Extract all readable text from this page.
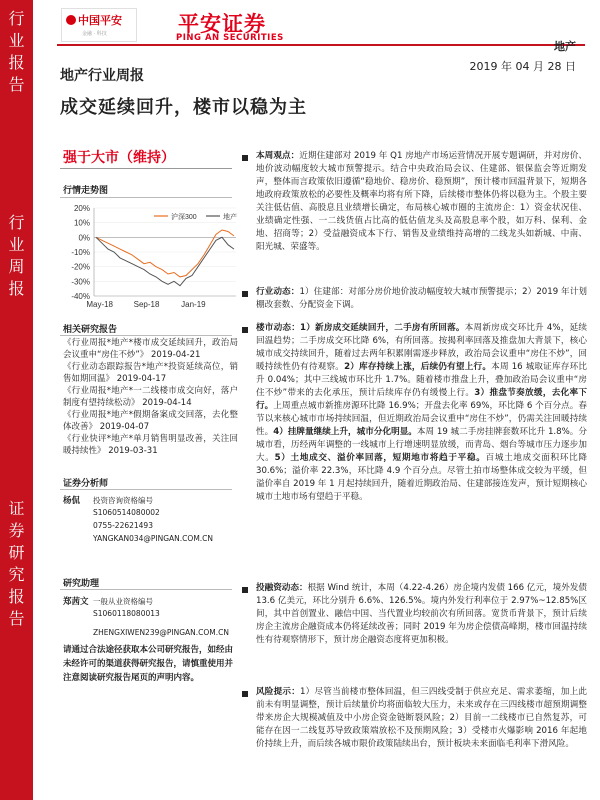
行
业
报
告
行
业
周
报
证
券
研
究
报
告
中国平安
金融 · 科技	平安证券
PING AN SECURITIES
地产
2019 年 04 月 28 日
地产行业周报
成交延续回升，楼市以稳为主
强于大市（维持）
行情走势图
20%
10%
0%
-10%
-20%
-30%
-40%
May-18	Sep-18	Jan-19
沪深300	地产
相关研究报告
《行业周报*地产*楼市成交延续回升，政治局会议重申“房住不炒”》 2019-04-21
《行业动态跟踪报告*地产*投资延续高位，销售如期回温》 2019-04-17
《行业周报*地产*一二线楼市成交向好，落户制度有望持续松动》 2019-04-14
《行业周报*地产*假期备案成交回落，去化整体改善》 2019-04-07
《行业快评*地产*单月销售明显改善，关注回暖持续性》 2019-03-31
证券分析师
杨侃 投资咨询资格编号
S1060514080002
0755-22621493
YANGKAN034@PINGAN.COM.CN
研究助理
郑茜文 一般从业资格编号
S1060118080013
ZHENGXIWEN239@PINGAN.COM.CN
请通过合法途径获取本公司研究报告，如经由未经许可的渠道获得研究报告，请慎重使用并注意阅读研究报告尾页的声明内容。
本周观点：近期住建部对 2019 年 Q1 房地产市场运营情况开展专题调研，并对房价、地价波动幅度较大城市预警提示。结合中央政治局会议、住建部、银保监会等近期发声，整体而言政策依旧遵循“稳地价、稳房价、稳预期”，预计楼市回温背景下，短期各地政府政策放松的必要性及概率均将有所下降，后续楼市整体仍将以稳为主。个股主要关注低估值、高股息且业绩增长确定，布局核心城市圈的主流房企：1）资金状况佳、业绩确定性强、一二线货值占比高的低估值龙头及高股息率个股，如万科、保利、金地、招商等；2）受益融资成本下行、销售及业绩维持高增的二线龙头如新城、中南、阳光城、荣盛等。
行业动态：1）住建部：对部分房价地价波动幅度较大城市预警提示；2）2019 年计划棚改套数、分配资金下调。
楼市动态：1）新房成交延续回升，二手房有所回落。本周新房成交环比升 4%，延续回温趋势；二手房成交环比降 6%，有所回落。按揭利率回落及推盘加大背景下，核心城市成交持续回升，随着过去两年积累刚需逐步释放，政治局会议重申“房住不炒”，回暖持续性仍有待观察。2）库存持续上涨，后续仍有望上行。本周 16 城取证库存环比升 0.04%；其中三线城市环比升 1.7%。随着楼市推盘上升，叠加政治局会议重申“房住不炒”带来的去化承压，预计后续库存仍有缓慢上行。3）推盘节奏放缓，去化率下行。上周重点城市新推房源环比降 16.9%；开盘去化率 69%，环比降 6 个百分点。春节以来核心城市市场持续回温，但近期政治局会议重申“房住不炒”，仍需关注回暖持续性。4）挂牌量继续上升，城市分化明显。本周 19 城二手房挂牌套数环比升 1.8%。分城市看，历经两年调整的一线城市上行增速明显放缓，而青岛、烟台等城市压力逐步加大。5）土地成交、溢价率回落，短期地市将趋于平稳。百城土地成交面积环比降 30.6%；溢价率 22.3%，环比降 4.9 个百分点。尽管土拍市场整体成交较为平缓，但溢价率自 2019 年 1 月起持续回升，随着近期政治局、住建部接连发声，预计短期核心城市土地市场有望趋于平稳。
投融资动态：根据 Wind 统计，本周（4.22-4.26）房企境内发债 166 亿元，境外发债 13.6 亿美元，环比分别升 6.6%、126.5%。境内外发行利率位于 2.97%~12.85%区间，其中首创置业、融信中国、当代置业均较前次有所回落。宽货币背景下，预计后续房企主流房企融资成本仍将延续改善；同时 2019 年为房企偿债高峰期，楼市回温持续性有待观察情形下，预计房企融资态度将更加积极。
风险提示：1）尽管当前楼市整体回温，但三四线受制于供应充足、需求萎缩，加上此前未有明显调整，预计后续量价均将面临较大压力，未来或存在三四线楼市超预期调整带来房企大规模减值及中小房企资金链断裂风险；2）目前一二线楼市已自然复苏，可能存在因一二线复苏导致政策端放松不及预期风险；3）受楼市火爆影响 2016 年起地价持续上升，而后续各城市限价政策陆续出台，预计板块未来面临毛利率下滑风险。
